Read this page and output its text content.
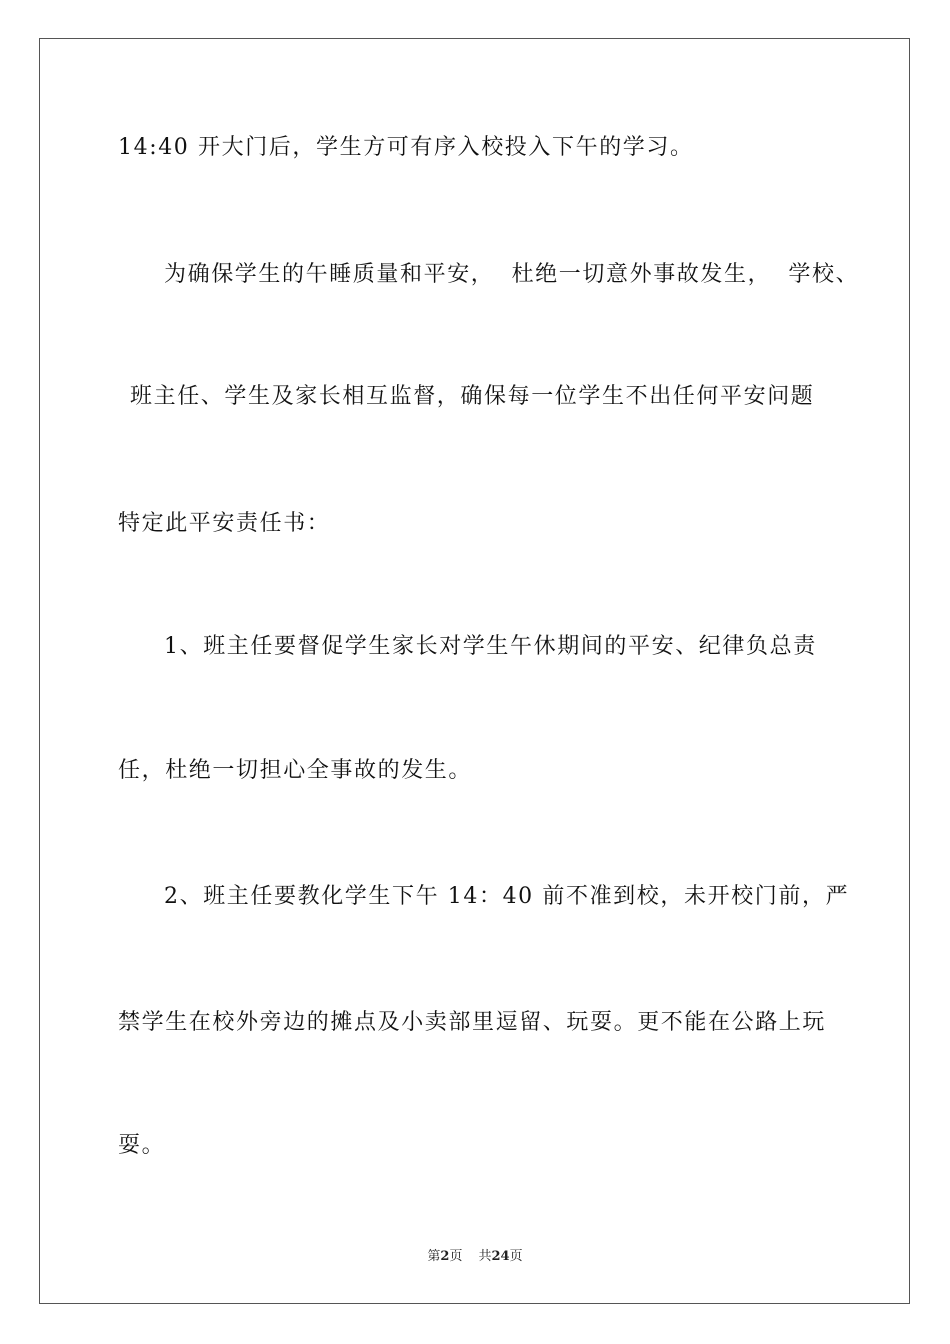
14:40 开大门后，学生方可有序入校投入下午的学习。
为确保学生的午睡质量和平安，  杜绝一切意外事故发生，  学校、
班主任、学生及家长相互监督，确保每一位学生不出任何平安问题
特定此平安责任书：
1、班主任要督促学生家长对学生午休期间的平安、纪律负总责
任，杜绝一切担心全事故的发生。
2、班主任要教化学生下午 14：40 前不准到校，未开校门前，严
禁学生在校外旁边的摊点及小卖部里逗留、玩耍。更不能在公路上玩
耍。
第2页 共24页
